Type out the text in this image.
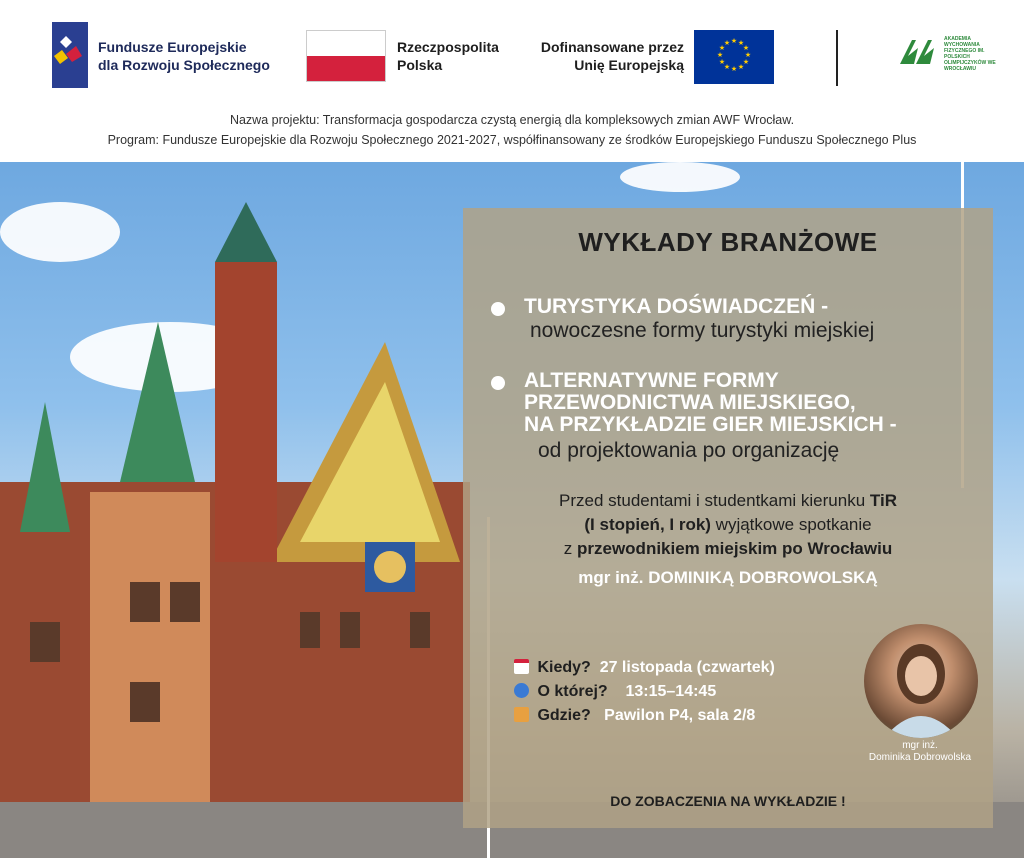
Fundusze Europejskie
dla Rozwoju Społecznego
Rzeczpospolita
Polska
Dofinansowane przez
Unię Europejską
★ ★
★
★
★
★
★
★
★
★
★
★	AKADEMIA WYCHOWANIA FIZYCZNEGO IM. POLSKICH OLIMPIJCZYKÓW WE WROCŁAWIU
Nazwa projektu: Transformacja gospodarcza czystą energią dla kompleksowych zmian AWF Wrocław.
Program: Fundusze Europejskie dla Rozwoju Społecznego 2021-2027, współfinansowany ze środków Europejskiego Funduszu Społecznego Plus
WYKŁADY BRANŻOWE
TURYSTYKA DOŚWIADCZEŃ -
nowoczesne formy turystyki miejskiej
ALTERNATYWNE FORMY
PRZEWODNICTWA MIEJSKIEGO,
NA PRZYKŁADZIE GIER MIEJSKICH -
od projektowania po organizację
Przed studentami i studentkami kierunku TiR
(I stopień, I rok) wyjątkowe spotkanie
z przewodnikiem miejskim po Wrocławiu
mgr inż. DOMINIKĄ DOBROWOLSKĄ
Kiedy? 27 listopada (czwartek)
O której? 13:15–14:45
Gdzie? Pawilon P4, sala 2/8
mgr inż.
Dominika Dobrowolska
DO ZOBACZENIA NA WYKŁADZIE !
